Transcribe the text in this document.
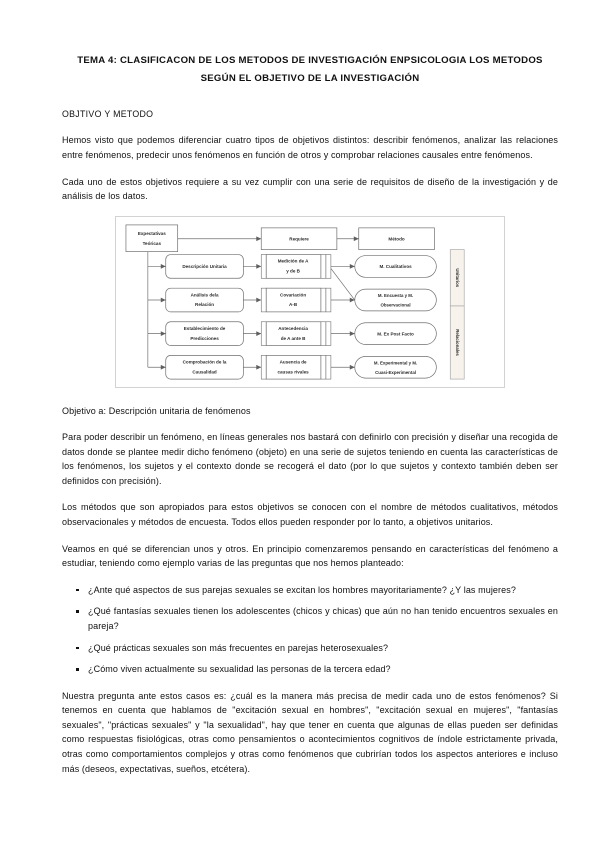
TEMA 4: CLASIFICACON DE LOS METODOS DE INVESTIGACIÓN ENPSICOLOGIA LOS METODOS SEGÚN EL OBJETIVO DE LA INVESTIGACIÓN
OBJTIVO Y METODO

Hemos visto que podemos diferenciar cuatro tipos de objetivos distintos: describir fenómenos, analizar las relaciones entre fenómenos, predecir unos fenómenos en función de otros y comprobar relaciones causales entre fenómenos.

Cada uno de estos objetivos requiere a su vez cumplir con una serie de requisitos de diseño de la investigación y de análisis de los datos.

Expectativas
Teóricas
Requiere	Método
Descripción Unitaria
Análisis dela
Relación
Establecimiento de
Predicciones
Comprobación de la
Causalidad
Medición de A
y de B
Covariación
A-B
Antecedencia
de A ante B
Ausencia de
causas rivales
M. Cualitativos
M. Encuesta y M.
Observacional
M. Ex Post Facto
M. Experimental y M.
Cuasi-Experimental
Unitarios
Relacionales

Objetivo a: Descripción unitaria de fenómenos

Para poder describir un fenómeno, en líneas generales nos bastará con definirlo con precisión y diseñar una recogida de datos donde se plantee medir dicho fenómeno (objeto) en una serie de sujetos teniendo en cuenta las características de los fenómenos, los sujetos y el contexto donde se recogerá el dato (por lo que sujetos y contexto también deben ser definidos con precisión).

Los métodos que son apropiados para estos objetivos se conocen con el nombre de métodos cualitativos, métodos observacionales y métodos de encuesta. Todos ellos pueden responder por lo tanto, a objetivos unitarios.

Veamos en qué se diferencian unos y otros. En principio comenzaremos pensando en características del fenómeno a estudiar, teniendo como ejemplo varias de las preguntas que nos hemos planteado:

¿Ante qué aspectos de sus parejas sexuales se excitan los hombres mayoritariamente? ¿Y las mujeres?
¿Qué fantasías sexuales tienen los adolescentes (chicos y chicas) que aún no han tenido encuentros sexuales en pareja?
¿Qué prácticas sexuales son más frecuentes en parejas heterosexuales?
¿Cómo viven actualmente su sexualidad las personas de la tercera edad?

Nuestra pregunta ante estos casos es: ¿cuál es la manera más precisa de medir cada uno de estos fenómenos? Si tenemos en cuenta que hablamos de "excitación sexual en hombres", "excitación sexual en mujeres", "fantasías sexuales", "prácticas sexuales" y "la sexualidad", hay que tener en cuenta que algunas de ellas pueden ser definidas como respuestas fisiológicas, otras como pensamientos o acontecimientos cognitivos de índole estrictamente privada, otras como comportamientos complejos y otras como fenómenos que cubrirían todos los aspectos anteriores e incluso más (deseos, expectativas, sueños, etcétera).
